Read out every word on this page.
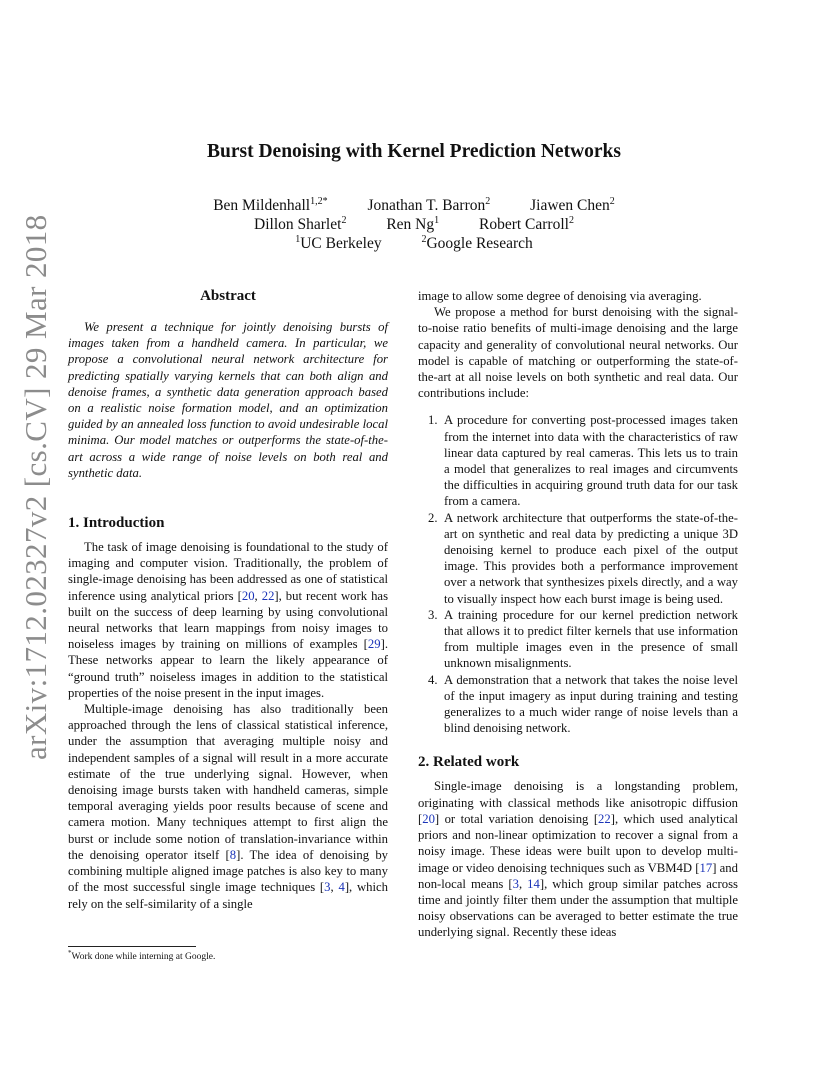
arXiv:1712.02327v2 [cs.CV] 29 Mar 2018
Burst Denoising with Kernel Prediction Networks
Ben Mildenhall$^{1,2*}$	Jonathan T. Barron$^2$	Jiawen Chen$^2$
Dillon Sharlet$^2$	Ren Ng$^1$	Robert Carroll$^2$
$^1$UC Berkeley	$^2$Google Research
Abstract

We present a technique for jointly denoising bursts of images taken from a handheld camera. In particular, we propose a convolutional neural network architecture for predicting spatially varying kernels that can both align and denoise frames, a synthetic data generation approach based on a realistic noise formation model, and an optimization guided by an annealed loss function to avoid undesirable local minima. Our model matches or outperforms the state-of-the-art across a wide range of noise levels on both real and synthetic data.

1. Introduction

The task of image denoising is foundational to the study of imaging and computer vision. Traditionally, the problem of single-image denoising has been addressed as one of statistical inference using analytical priors [20, 22], but recent work has built on the success of deep learning by using convolutional neural networks that learn mappings from noisy images to noiseless images by training on millions of examples [29]. These networks appear to learn the likely appearance of “ground truth” noiseless images in addition to the statistical properties of the noise present in the input images.

Multiple-image denoising has also traditionally been approached through the lens of classical statistical inference, under the assumption that averaging multiple noisy and independent samples of a signal will result in a more accurate estimate of the true underlying signal. However, when denoising image bursts taken with handheld cameras, simple temporal averaging yields poor results because of scene and camera motion. Many techniques attempt to first align the burst or include some notion of translation-invariance within the denoising operator itself [8]. The idea of denoising by combining multiple aligned image patches is also key to many of the most successful single image techniques [3, 4], which rely on the self-similarity of a single

image to allow some degree of denoising via averaging.

We propose a method for burst denoising with the signal-to-noise ratio benefits of multi-image denoising and the large capacity and generality of convolutional neural networks. Our model is capable of matching or outperforming the state-of-the-art at all noise levels on both synthetic and real data. Our contributions include:

1. A procedure for converting post-processed images taken from the internet into data with the characteristics of raw linear data captured by real cameras. This lets us to train a model that generalizes to real images and circumvents the difficulties in acquiring ground truth data for our task from a camera.
2. A network architecture that outperforms the state-of-the-art on synthetic and real data by predicting a unique 3D denoising kernel to produce each pixel of the output image. This provides both a performance improvement over a network that synthesizes pixels directly, and a way to visually inspect how each burst image is being used.
3. A training procedure for our kernel prediction network that allows it to predict filter kernels that use information from multiple images even in the presence of small unknown misalignments.
4. A demonstration that a network that takes the noise level of the input imagery as input during training and testing generalizes to a much wider range of noise levels than a blind denoising network.
2. Related work

Single-image denoising is a longstanding problem, originating with classical methods like anisotropic diffusion [20] or total variation denoising [22], which used analytical priors and non-linear optimization to recover a signal from a noisy image. These ideas were built upon to develop multi-image or video denoising techniques such as VBM4D [17] and non-local means [3, 14], which group similar patches across time and jointly filter them under the assumption that multiple noisy observations can be averaged to better estimate the true underlying signal. Recently these ideas

*Work done while interning at Google.
